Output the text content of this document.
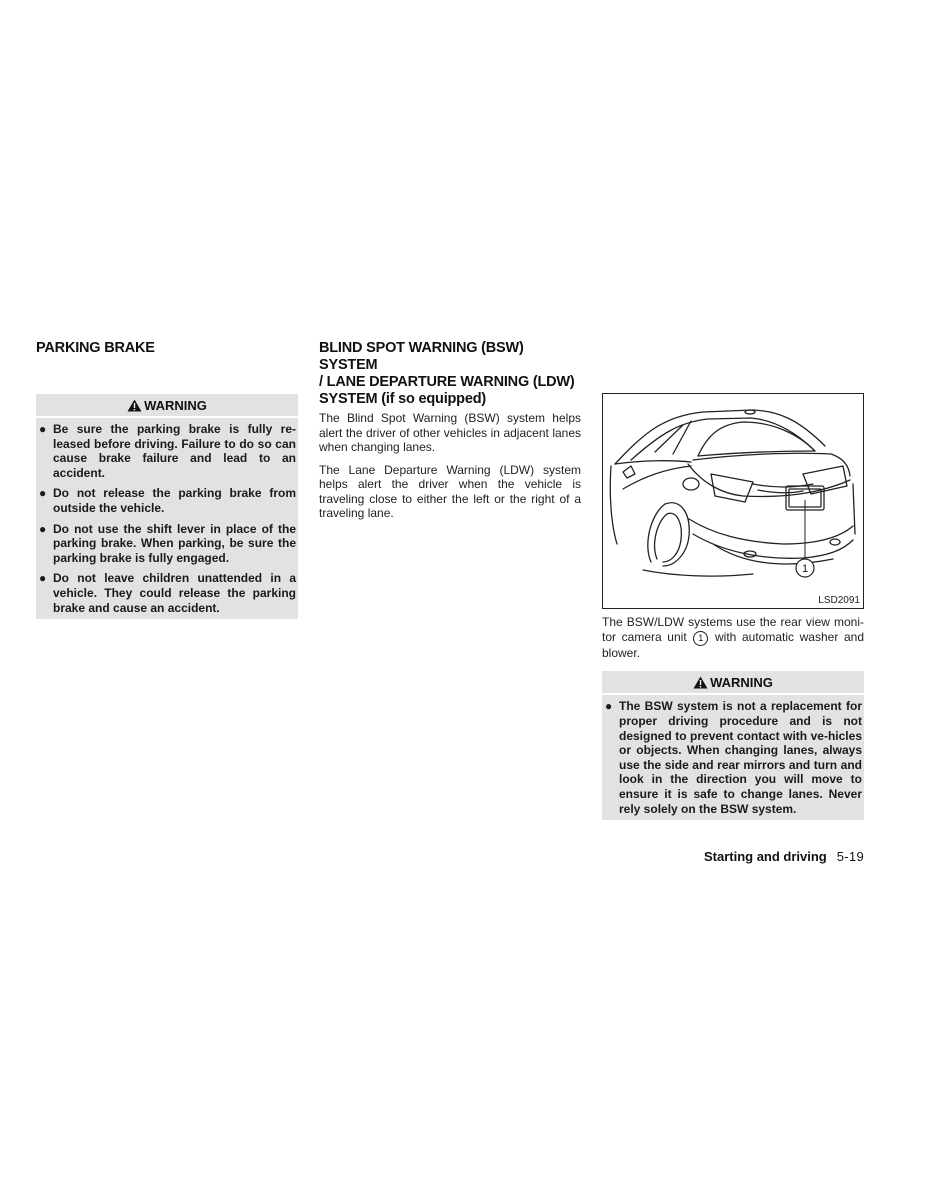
PARKING BRAKE
WARNING
● Be sure the parking brake is fully re-leased before driving. Failure to do so can cause brake failure and lead to an accident.
● Do not release the parking brake from outside the vehicle.
● Do not use the shift lever in place of the parking brake. When parking, be sure the parking brake is fully engaged.
● Do not leave children unattended in a vehicle. They could release the parking brake and cause an accident.
BLIND SPOT WARNING (BSW) SYSTEM
/ LANE DEPARTURE WARNING (LDW)
SYSTEM (if so equipped)

The Blind Spot Warning (BSW) system helps alert the driver of other vehicles in adjacent lanes when changing lanes.

The Lane Departure Warning (LDW) system helps alert the driver when the vehicle is traveling close to either the left or the right of a traveling lane.

1
LSD2091

The BSW/LDW systems use the rear view moni-tor camera unit 1 with automatic washer and blower.

WARNING
● The BSW system is not a replacement for proper driving procedure and is not designed to prevent contact with ve-hicles or objects. When changing lanes, always use the side and rear mirrors and turn and look in the direction you will move to ensure it is safe to change lanes. Never rely solely on the BSW system.
Starting and driving 5-19
